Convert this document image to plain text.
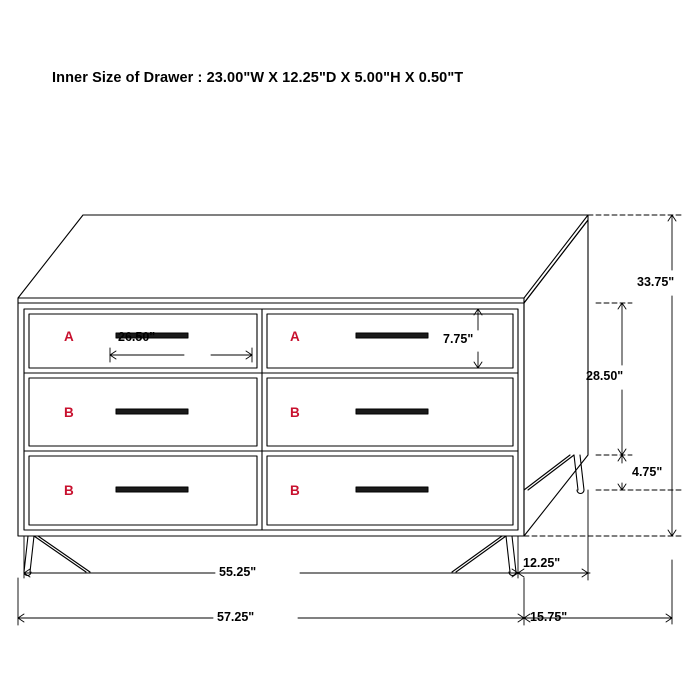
Inner Size of Drawer : 23.00"W X 12.25"D X 5.00"H X 0.50"T
A	A
B	B
B	B
33.75"
28.50"
4.75"
7.75"
26.50"
55.25"
57.25"
12.25"
15.75"
